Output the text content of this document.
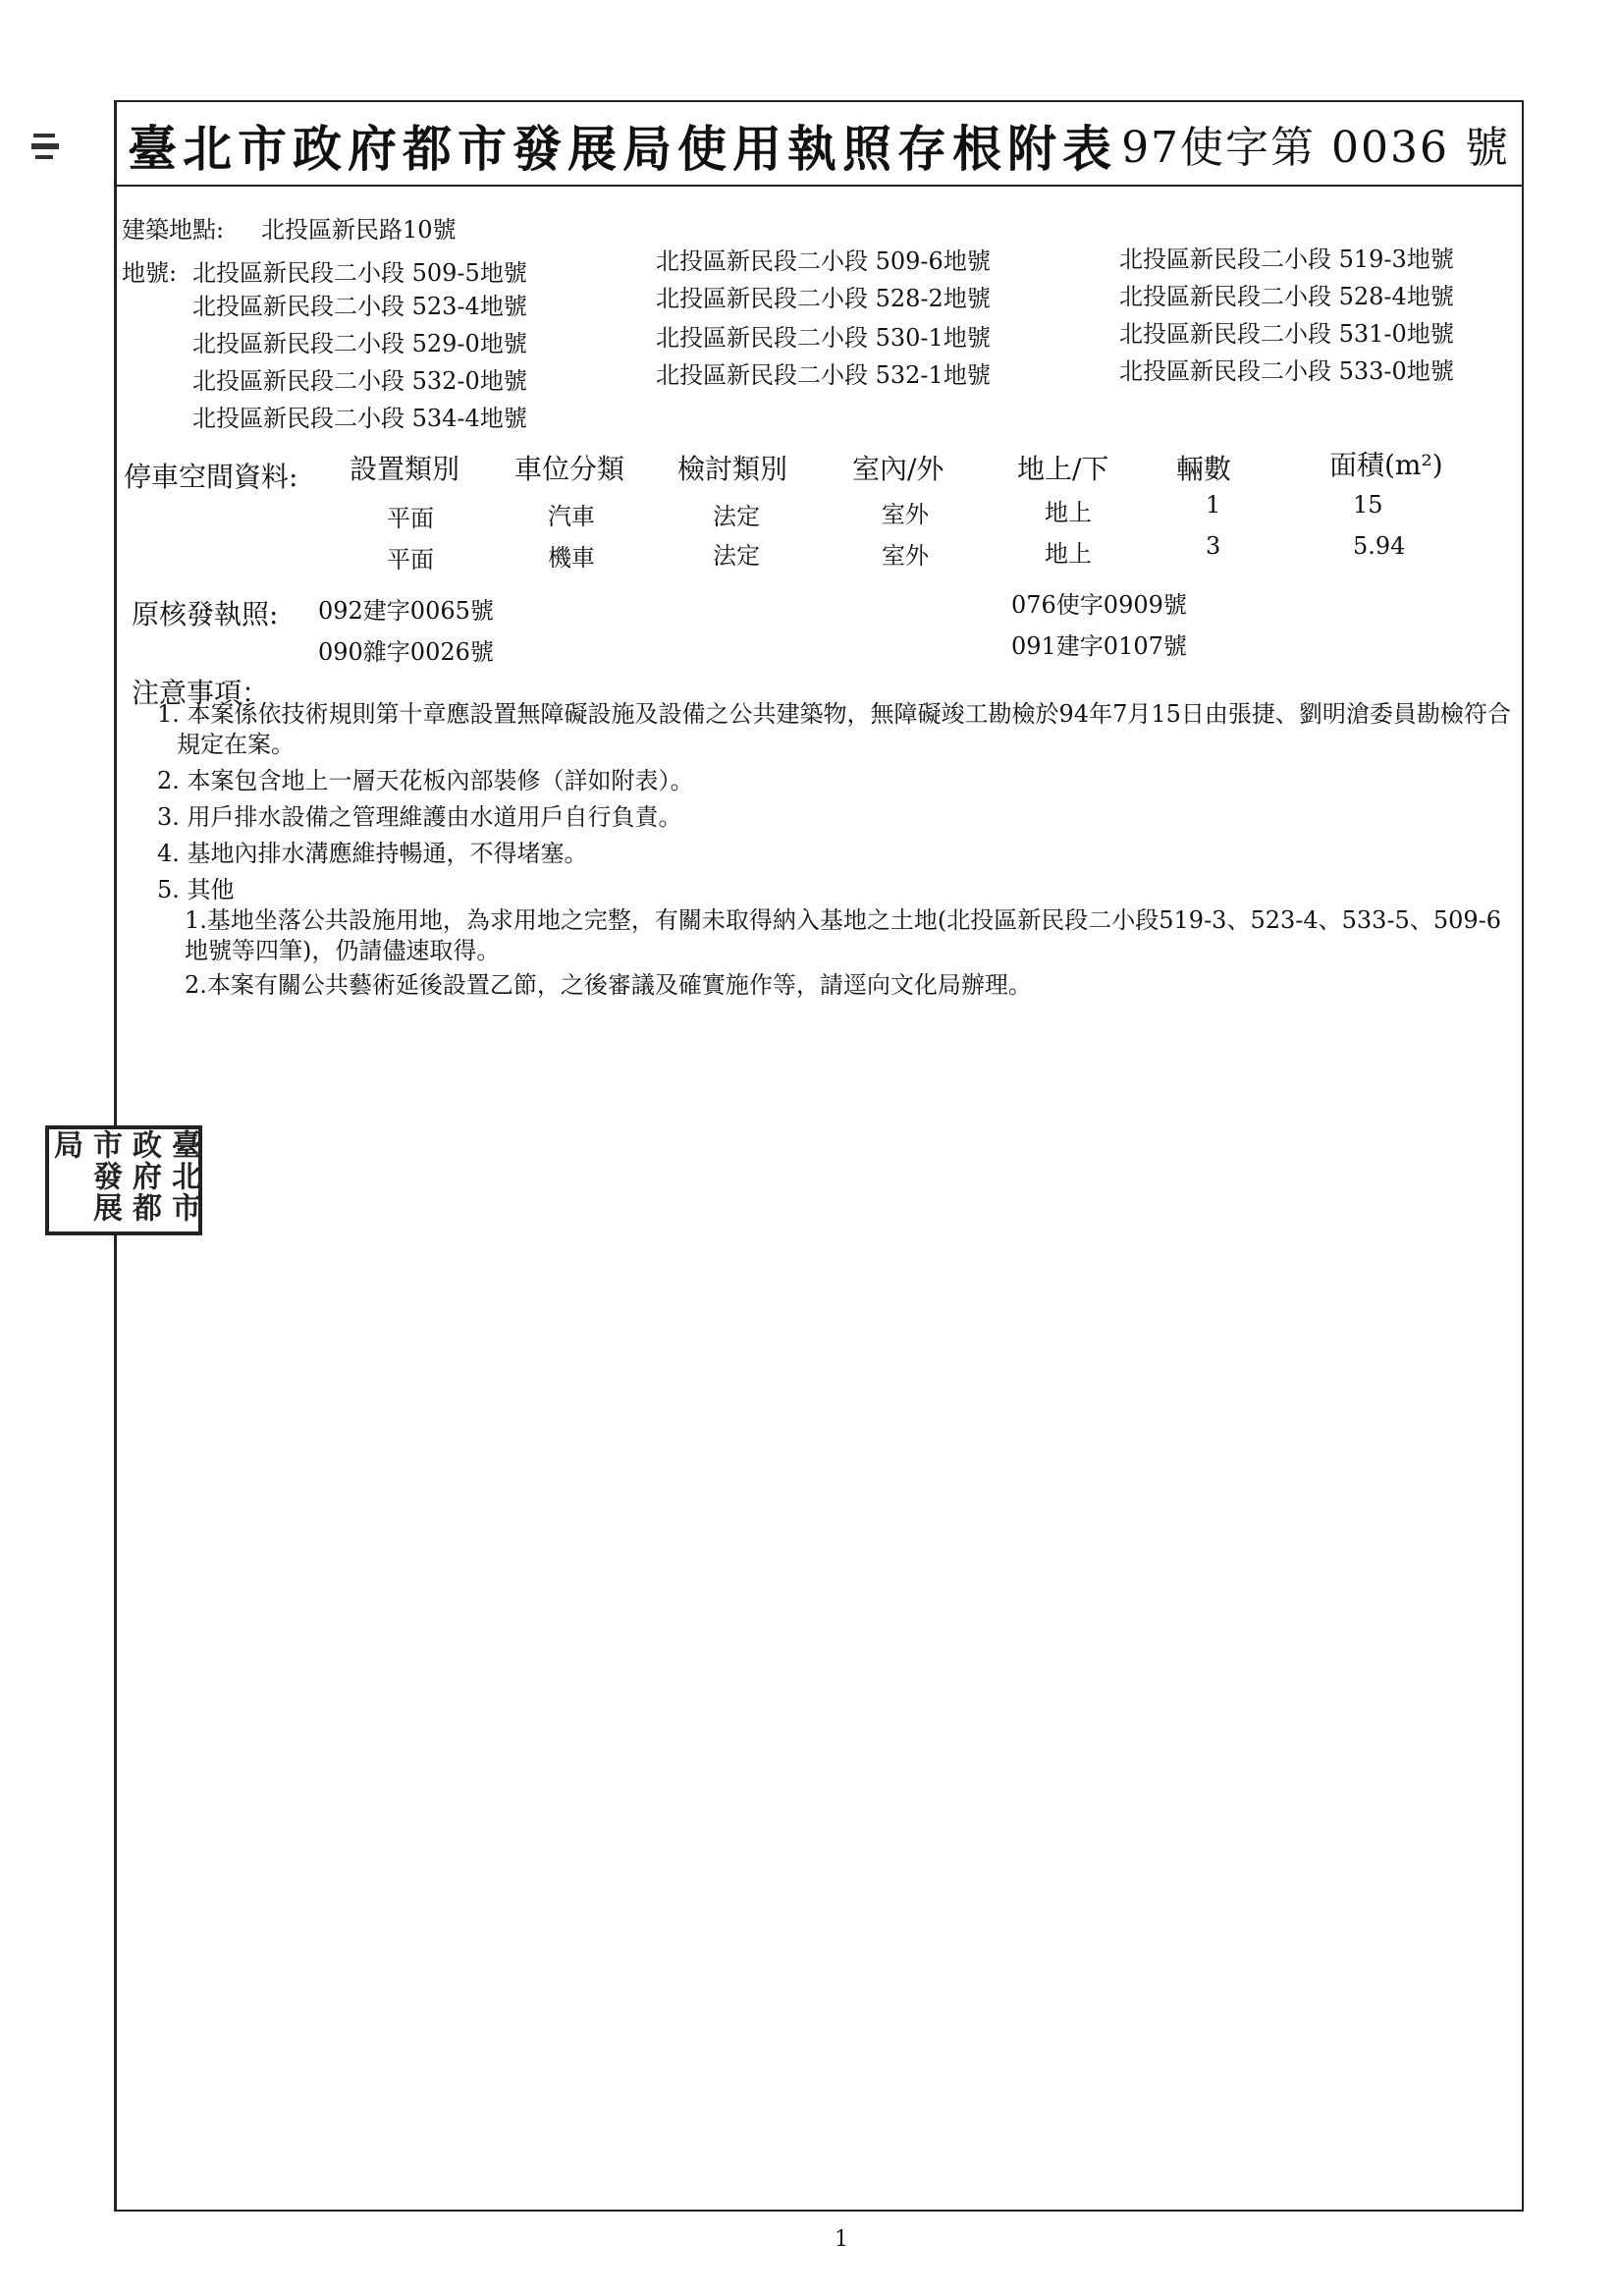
臺北市政府都市發展局使用執照存根附表 97使字第 0036 號
建築地點: 北投區新民路10號
地號: 北投區新民段二小段 509-5地號	北投區新民段二小段 509-6地號	北投區新民段二小段 519-3地號
北投區新民段二小段 523-4地號	北投區新民段二小段 528-2地號	北投區新民段二小段 528-4地號
北投區新民段二小段 529-0地號	北投區新民段二小段 530-1地號	北投區新民段二小段 531-0地號
北投區新民段二小段 532-0地號	北投區新民段二小段 532-1地號	北投區新民段二小段 533-0地號
北投區新民段二小段 534-4地號
停車空間資料: 設置類別 車位分類 檢討類別 室內/外	地上/下 輛數	面積(m²)
平面	汽車	法定	室外	地上	1	15
平面	機車	法定	室外	地上	3	5.94
原核發執照: 092建字0065號	076使字0909號
090雜字0026號	091建字0107號
注意事項：
1. 本案係依技術規則第十章應設置無障礙設施及設備之公共建築物，無障礙竣工勘檢於94年7月15日由張捷、劉明滄委員勘檢符合規定在案。
2. 本案包含地上一層天花板內部裝修（詳如附表）。
3. 用戶排水設備之管理維護由水道用戶自行負責。
4. 基地內排水溝應維持暢通，不得堵塞。
5. 其他
1.基地坐落公共設施用地，為求用地之完整，有關未取得納入基地之土地(北投區新民段二小段519-3、523-4、533-5、509-6地號等四筆)，仍請儘速取得。
2.本案有關公共藝術延後設置乙節，之後審議及確實施作等，請逕向文化局辦理。
臺北市政府都市發展局
1
